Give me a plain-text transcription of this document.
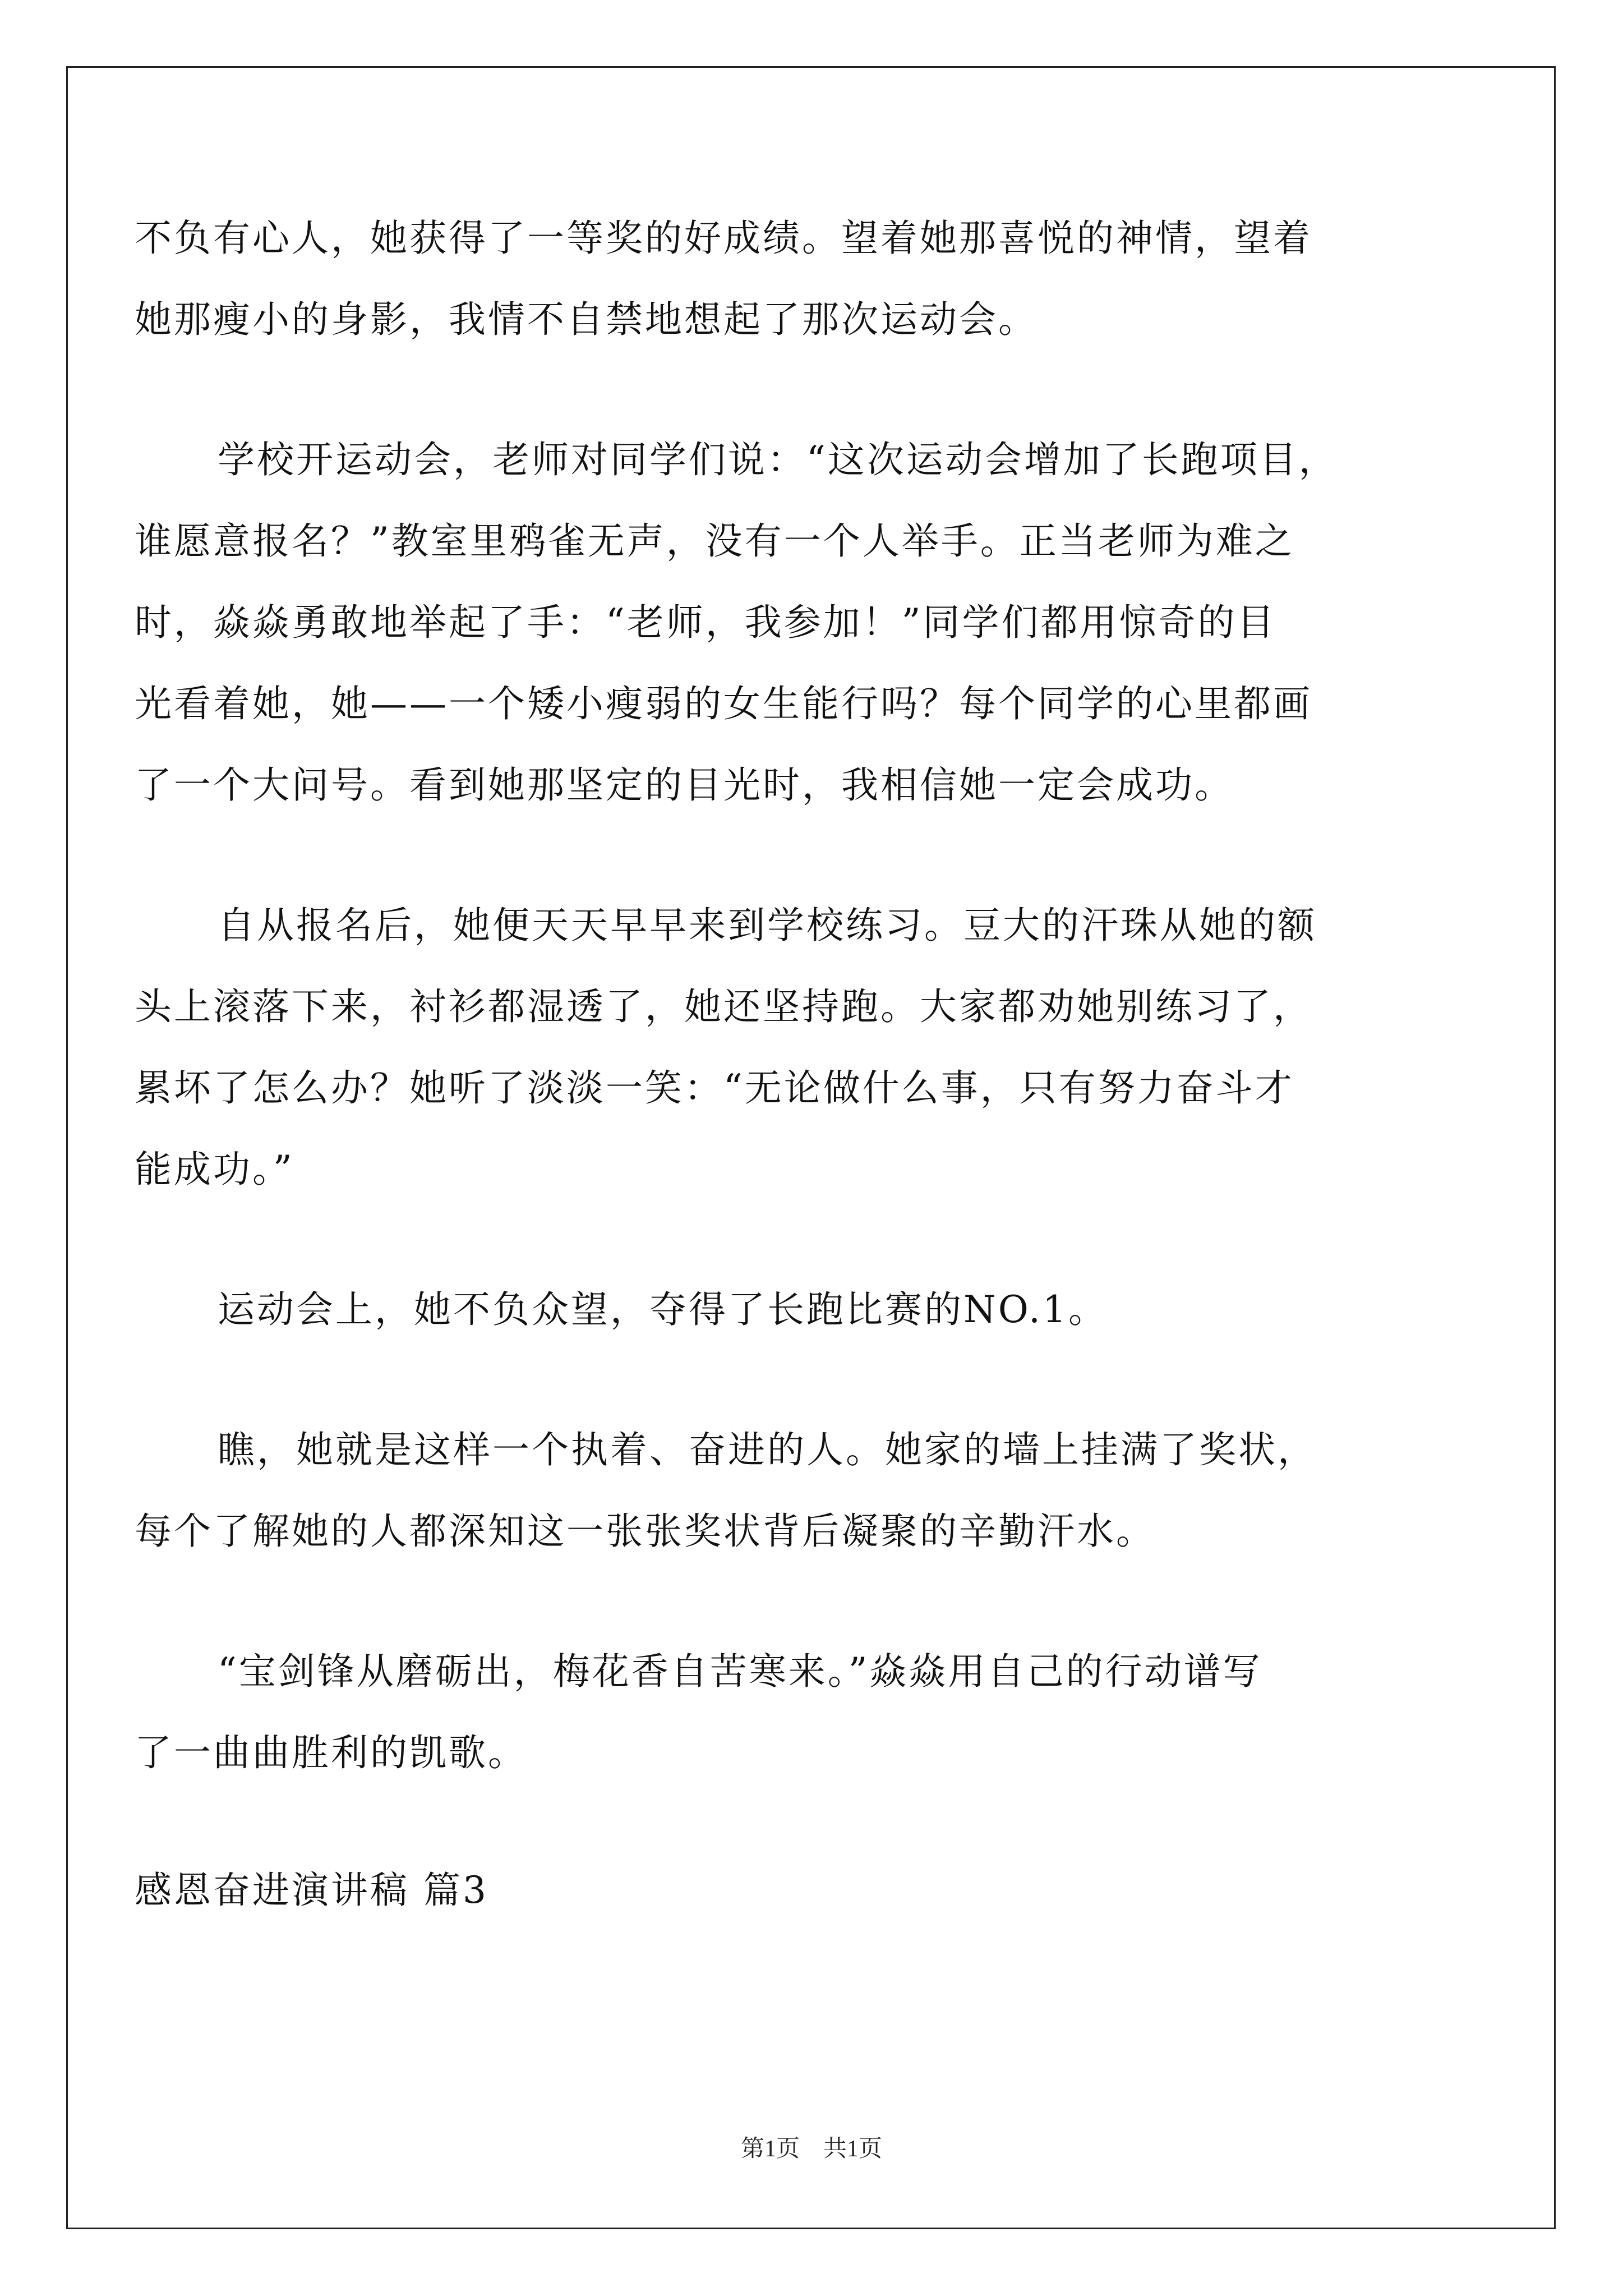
不负有心人，她获得了一等奖的好成绩。望着她那喜悦的神情，望着
她那瘦小的身影，我情不自禁地想起了那次运动会。
学校开运动会，老师对同学们说：“这次运动会增加了长跑项目，
谁愿意报名？”教室里鸦雀无声，没有一个人举手。正当老师为难之
时，焱焱勇敢地举起了手：“老师，我参加！”同学们都用惊奇的目
光看着她，她——一个矮小瘦弱的女生能行吗？每个同学的心里都画
了一个大问号。看到她那坚定的目光时，我相信她一定会成功。
自从报名后，她便天天早早来到学校练习。豆大的汗珠从她的额
头上滚落下来，衬衫都湿透了，她还坚持跑。大家都劝她别练习了，
累坏了怎么办？她听了淡淡一笑：“无论做什么事，只有努力奋斗才
能成功。”
运动会上，她不负众望，夺得了长跑比赛的NO.1。
瞧，她就是这样一个执着、奋进的人。她家的墙上挂满了奖状，
每个了解她的人都深知这一张张奖状背后凝聚的辛勤汗水。
“宝剑锋从磨砺出，梅花香自苦寒来。”焱焱用自己的行动谱写
了一曲曲胜利的凯歌。
感恩奋进演讲稿 篇3
第1页　共1页
